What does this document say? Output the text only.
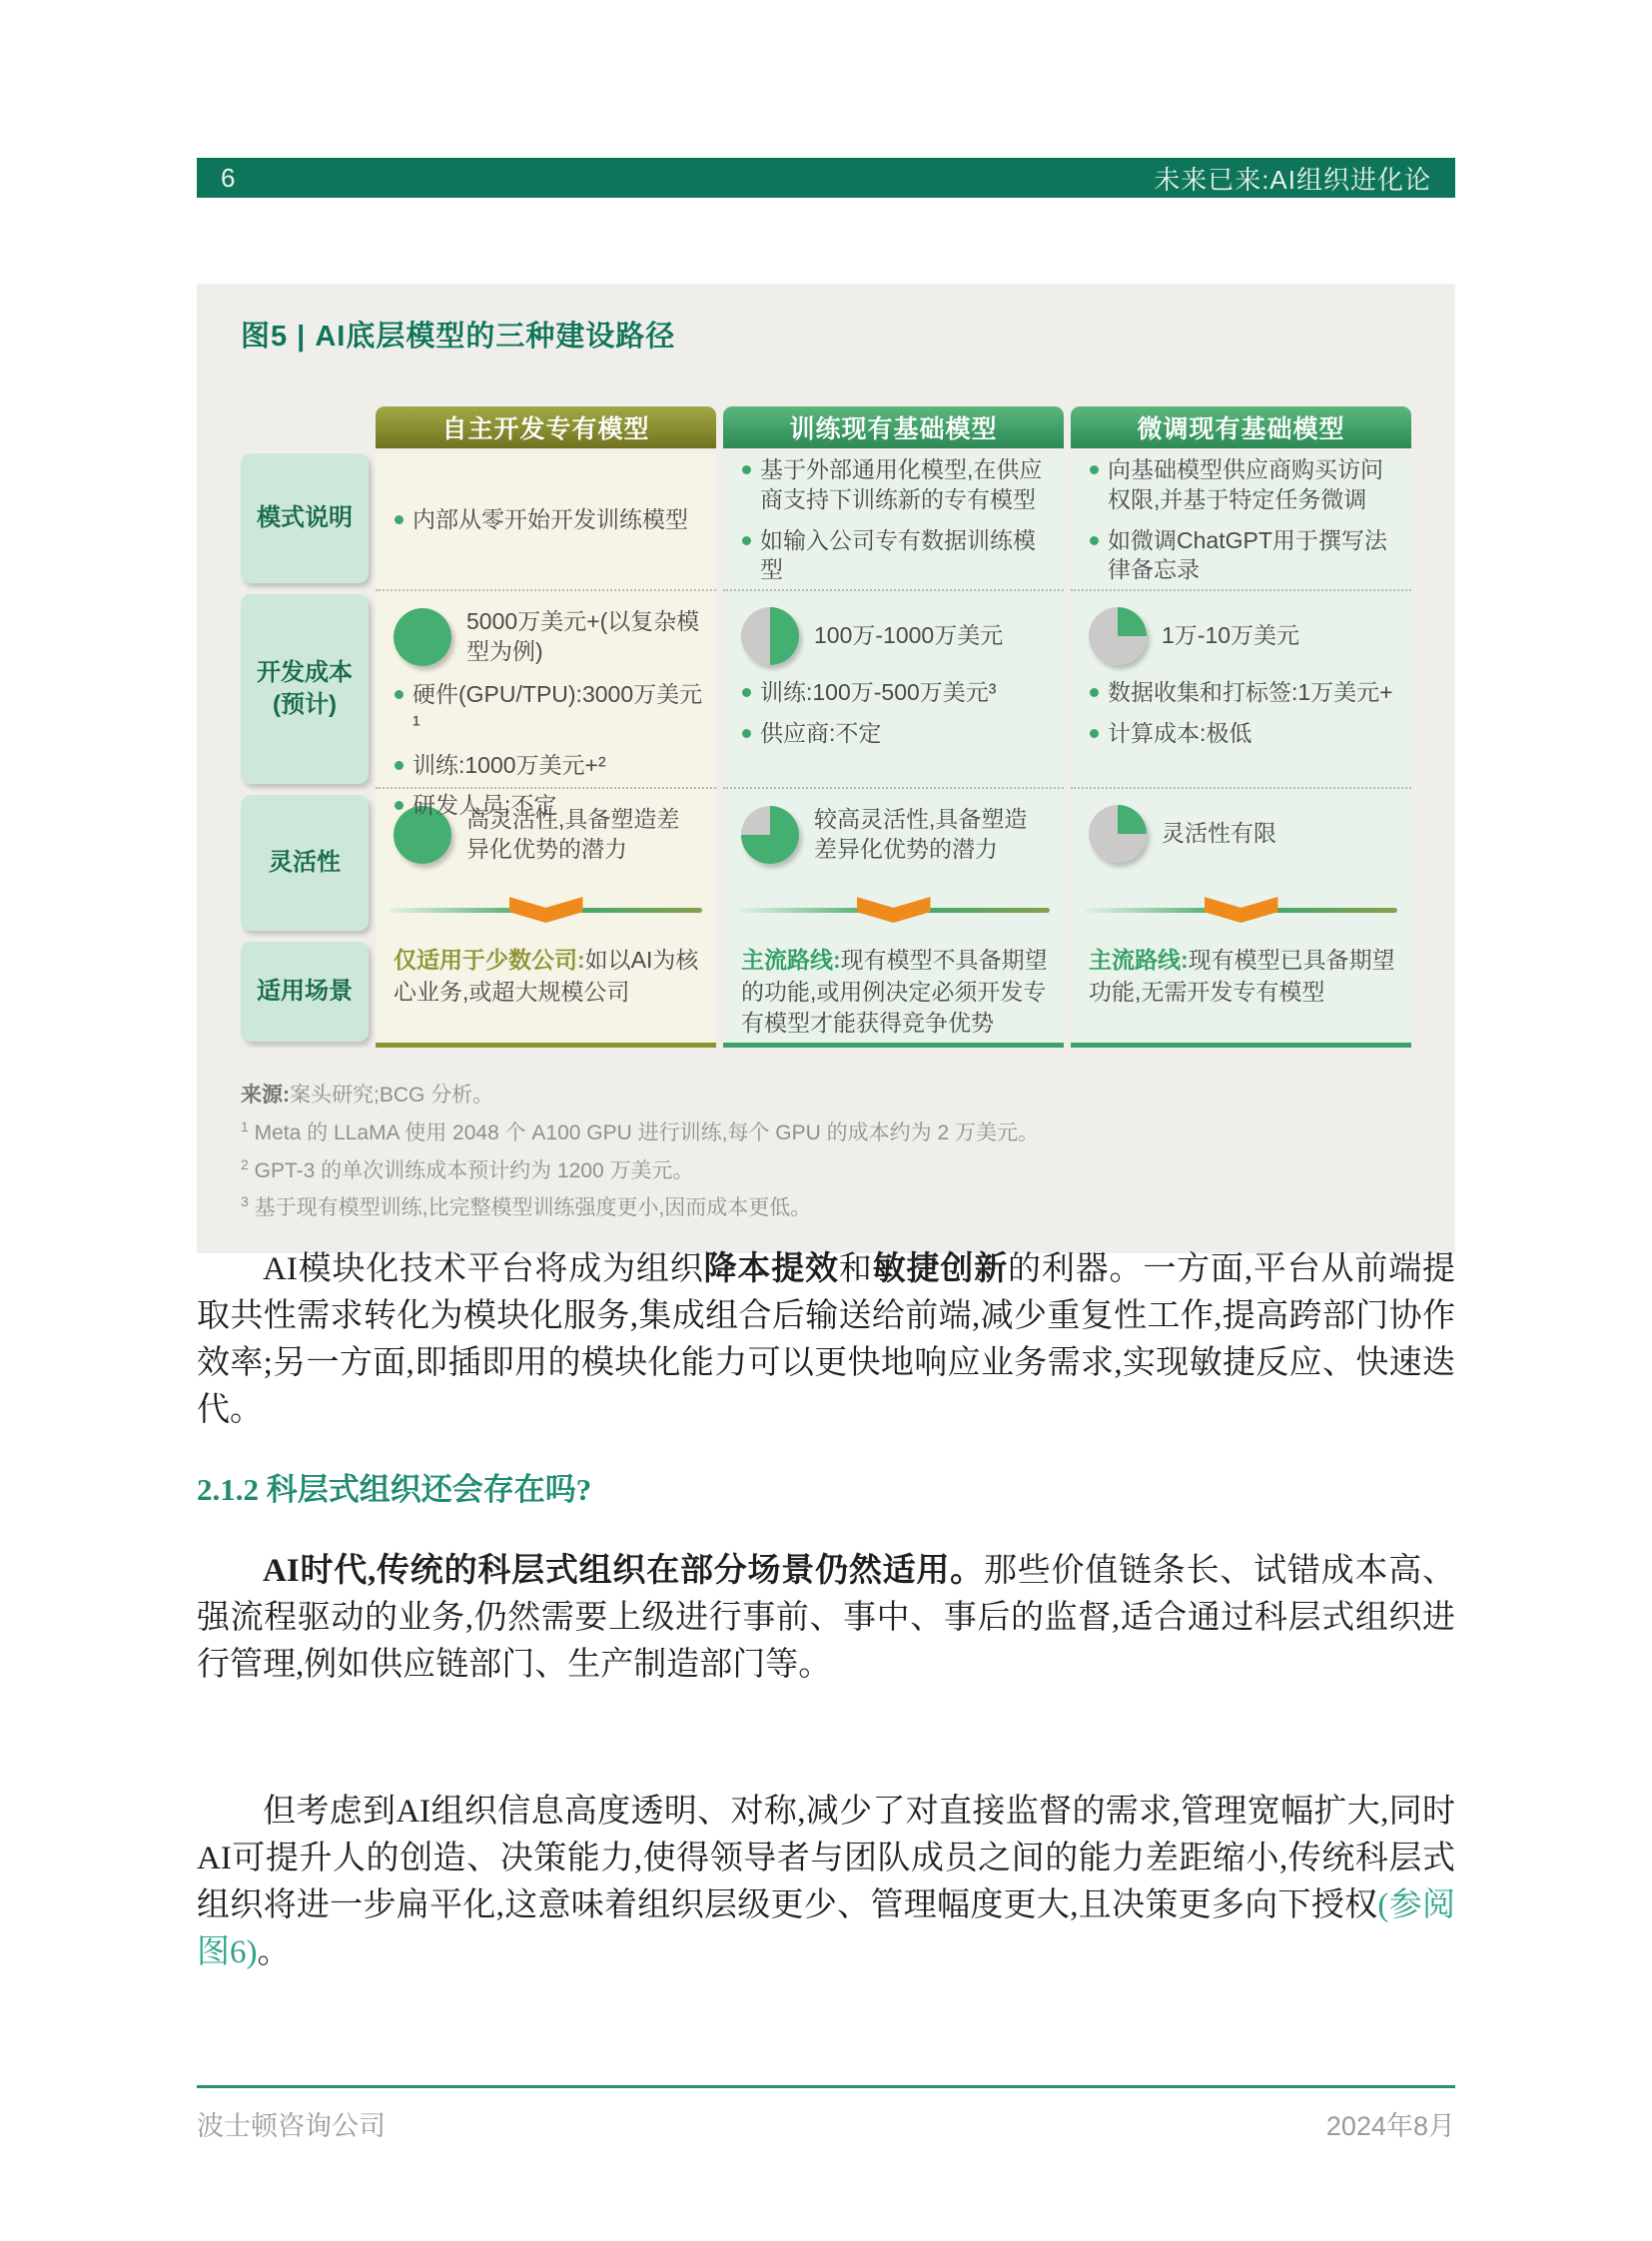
6	未来已来:AI组织进化论
图5 | AI底层模型的三种建设路径
模式说明
开发成本
(预计)
灵活性
适用场景
自主开发专有模型
内部从零开始开发训练模型
5000万美元+(以复杂模型为例)
硬件(GPU/TPU):3000万美元¹
训练:1000万美元+²
研发人员:不定
高灵活性,具备塑造差异化优势的潜力
仅适用于少数公司:如以AI为核心业务,或超大规模公司
训练现有基础模型
基于外部通用化模型,在供应商支持下训练新的专有模型
如输入公司专有数据训练模型
100万-1000万美元
训练:100万-500万美元³
供应商:不定
较高灵活性,具备塑造差异化优势的潜力
主流路线:现有模型不具备期望的功能,或用例决定必须开发专有模型才能获得竞争优势
微调现有基础模型
向基础模型供应商购买访问权限,并基于特定任务微调
如微调ChatGPT用于撰写法律备忘录
1万-10万美元
数据收集和打标签:1万美元+
计算成本:极低
灵活性有限
主流路线:现有模型已具备期望功能,无需开发专有模型
来源:案头研究;BCG 分析。
$^1$ Meta 的 LLaMA 使用 2048 个 A100 GPU 进行训练,每个 GPU 的成本约为 2 万美元。
$^2$ GPT-3 的单次训练成本预计约为 1200 万美元。
$^3$ 基于现有模型训练,比完整模型训练强度更小,因而成本更低。

AI模块化技术平台将成为组织降本提效和敏捷创新的利器。一方面,平台从前端提取共性需求转化为模块化服务,集成组合后输送给前端,减少重复性工作,提高跨部门协作效率;另一方面,即插即用的模块化能力可以更快地响应业务需求,实现敏捷反应、快速迭代。

2.1.2 科层式组织还会存在吗?

AI时代,传统的科层式组织在部分场景仍然适用。那些价值链条长、试错成本高、强流程驱动的业务,仍然需要上级进行事前、事中、事后的监督,适合通过科层式组织进行管理,例如供应链部门、生产制造部门等。

但考虑到AI组织信息高度透明、对称,减少了对直接监督的需求,管理宽幅扩大,同时AI可提升人的创造、决策能力,使得领导者与团队成员之间的能力差距缩小,传统科层式组织将进一步扁平化,这意味着组织层级更少、管理幅度更大,且决策更多向下授权(参阅图6)。

波士顿咨询公司	2024年8月
